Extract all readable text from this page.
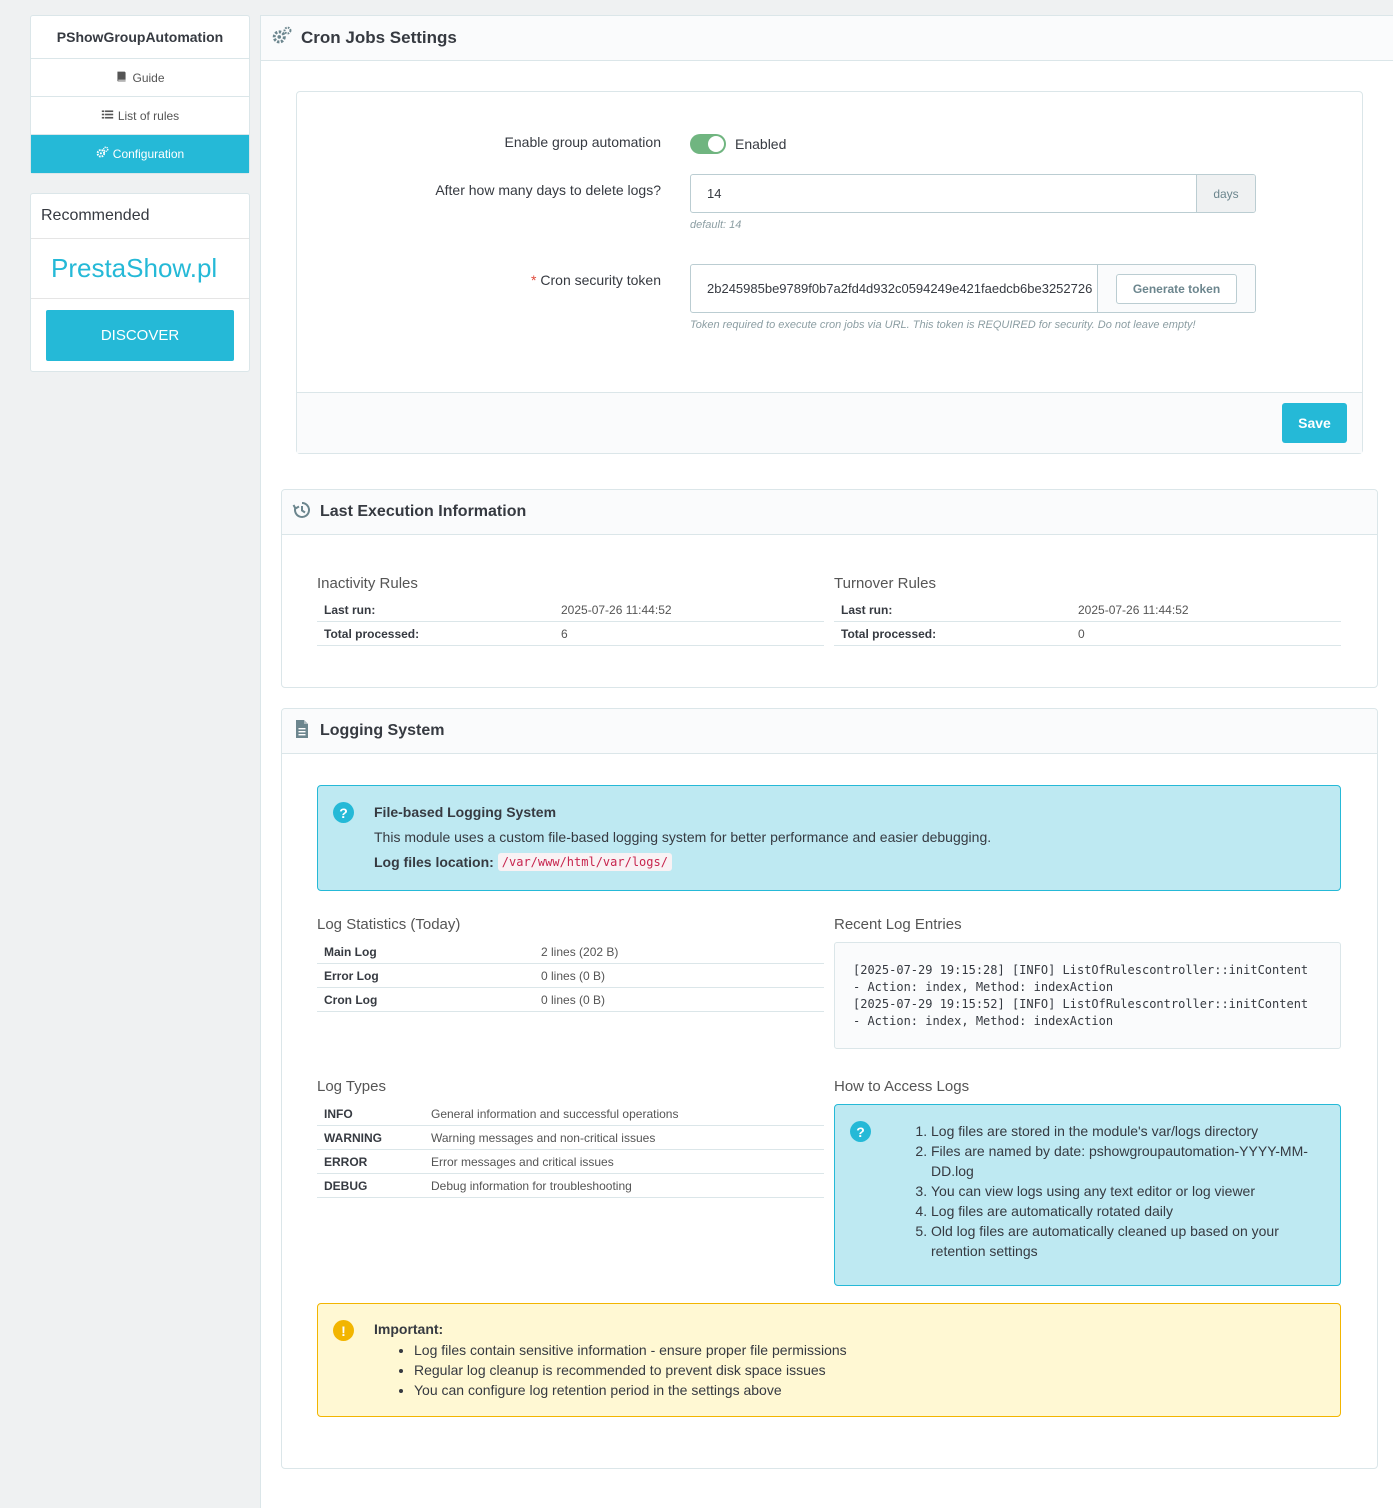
PShowGroupAutomation
Guide
List of rules
Configuration
Recommended
PrestaShow.pl
DISCOVER
Cron Jobs Settings
Enable group automation	Enabled
After how many days to delete logs?	14	days
default: 14
* Cron security token
2b245985be9789f0b7a2fd4d932c0594249e421faedcb6be3252726	Generate token
Token required to execute cron jobs via URL. This token is REQUIRED for security. Do not leave empty!
Save
Last Execution Information
Inactivity Rules
Last run:	2025-07-26 11:44:52
Total processed:	6
Turnover Rules
Last run:	2025-07-26 11:44:52
Total processed:	0
Logging System
?	File-based Logging System
This module uses a custom file-based logging system for better performance and easier debugging.
Log files location: /var/www/html/var/logs/
Log Statistics (Today)
Main Log	2 lines (202 B)
Error Log	0 lines (0 B)
Cron Log	0 lines (0 B)
Recent Log Entries
[2025-07-29 19:15:28] [INFO] ListOfRulescontroller::initContent - Action: index, Method: indexAction
[2025-07-29 19:15:52] [INFO] ListOfRulescontroller::initContent - Action: index, Method: indexAction
Log Types
INFO	General information and successful operations
WARNING	Warning messages and non-critical issues
ERROR	Error messages and critical issues
DEBUG	Debug information for troubleshooting
How to Access Logs
?
1.	Log files are stored in the module's var/logs directory
2. Files are named by date: pshowgroupautomation-YYYY-MM-DD.log
3. You can view logs using any text editor or log viewer
4. Log files are automatically rotated daily
5. Old log files are automatically cleaned up based on your retention settings
!	Important:
• Log files contain sensitive information - ensure proper file permissions
• Regular log cleanup is recommended to prevent disk space issues
• You can configure log retention period in the settings above
